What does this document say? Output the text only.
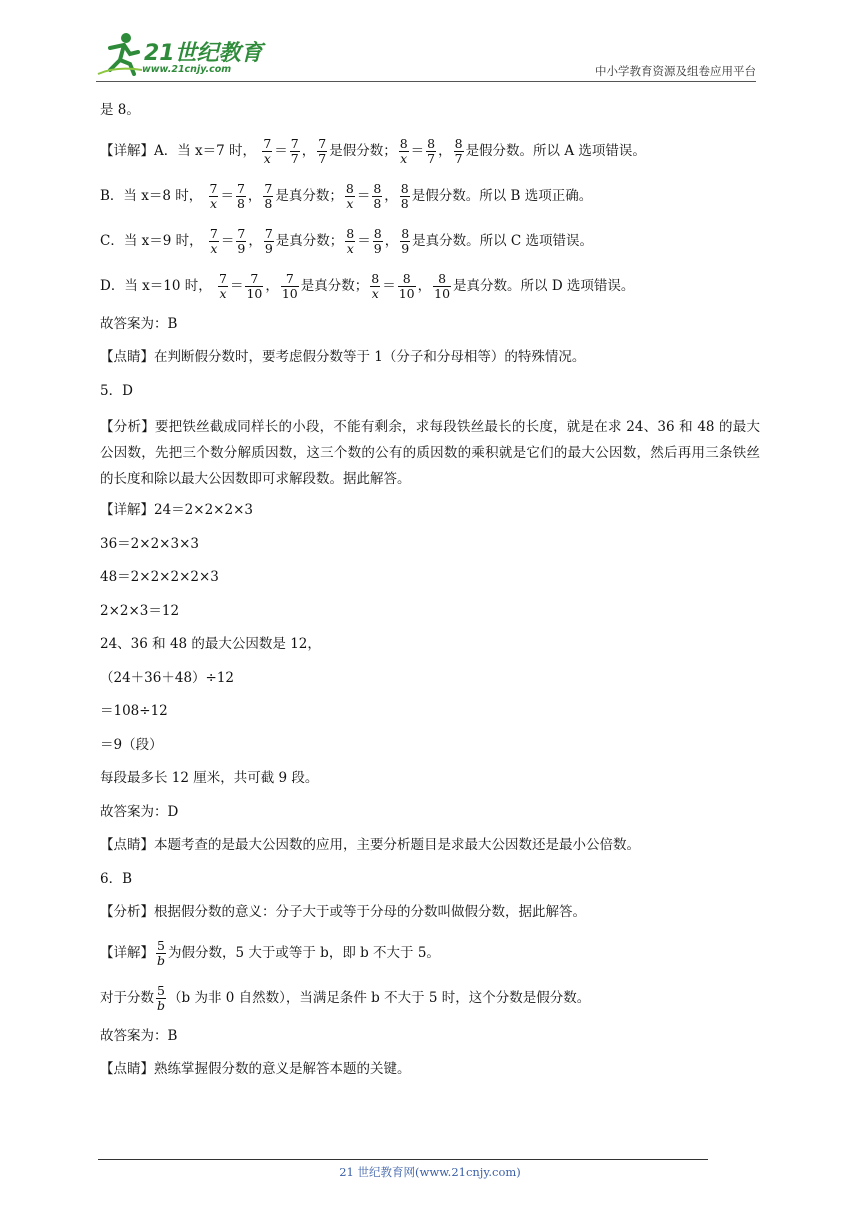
21世纪教育
www.21cnjy.com	中小学教育资源及组卷应用平台

是 8。

【详解】A．当 x＝7 时， $\frac{7}{x} = \frac{7}{7}$ ， $\frac{7}{7}$ 是假分数； $\frac{8}{x} = \frac{8}{7}$ ， $\frac{8}{7}$ 是假分数。所以 A 选项错误。

B．当 x＝8 时， $\frac{7}{x} = \frac{7}{8}$ ， $\frac{7}{8}$ 是真分数； $\frac{8}{x} = \frac{8}{8}$ ， $\frac{8}{8}$ 是假分数。所以 B 选项正确。

C．当 x＝9 时， $\frac{7}{x} = \frac{7}{9}$ ， $\frac{7}{9}$ 是真分数； $\frac{8}{x} = \frac{8}{9}$ ， $\frac{8}{9}$ 是真分数。所以 C 选项错误。

D．当 x＝10 时， $\frac{7}{x} = \frac{7}{10}$ ， $\frac{7}{10}$ 是真分数； $\frac{8}{x} = \frac{8}{10}$ ， $\frac{8}{10}$ 是真分数。所以 D 选项错误。

故答案为：B

【点睛】在判断假分数时，要考虑假分数等于 1（分子和分母相等）的特殊情况。

5．D

【分析】要把铁丝截成同样长的小段，不能有剩余，求每段铁丝最长的长度，就是在求 24、36 和 48 的最大公因数，先把三个数分解质因数，这三个数的公有的质因数的乘积就是它们的最大公因数，然后再用三条铁丝的长度和除以最大公因数即可求解段数。据此解答。

【详解】24＝2×2×2×3

36＝2×2×3×3

48＝2×2×2×2×3

2×2×3＝12

24、36 和 48 的最大公因数是 12，

（24＋36＋48）÷12

＝108÷12

＝9（段）

每段最多长 12 厘米，共可截 9 段。

故答案为：D

【点睛】本题考查的是最大公因数的应用，主要分析题目是求最大公因数还是最小公倍数。

6．B

【分析】根据假分数的意义：分子大于或等于分母的分数叫做假分数，据此解答。

【详解】 $\frac{5}{b}$ 为假分数，5 大于或等于 b，即 b 不大于 5。

对于分数 $\frac{5}{b} (b$ 为非 0 自然数），当满足条件 b 不大于 5 时，这个分数是假分数。

故答案为：B

【点睛】熟练掌握假分数的意义是解答本题的关键。

21 世纪教育网(www.21cnjy.com)
